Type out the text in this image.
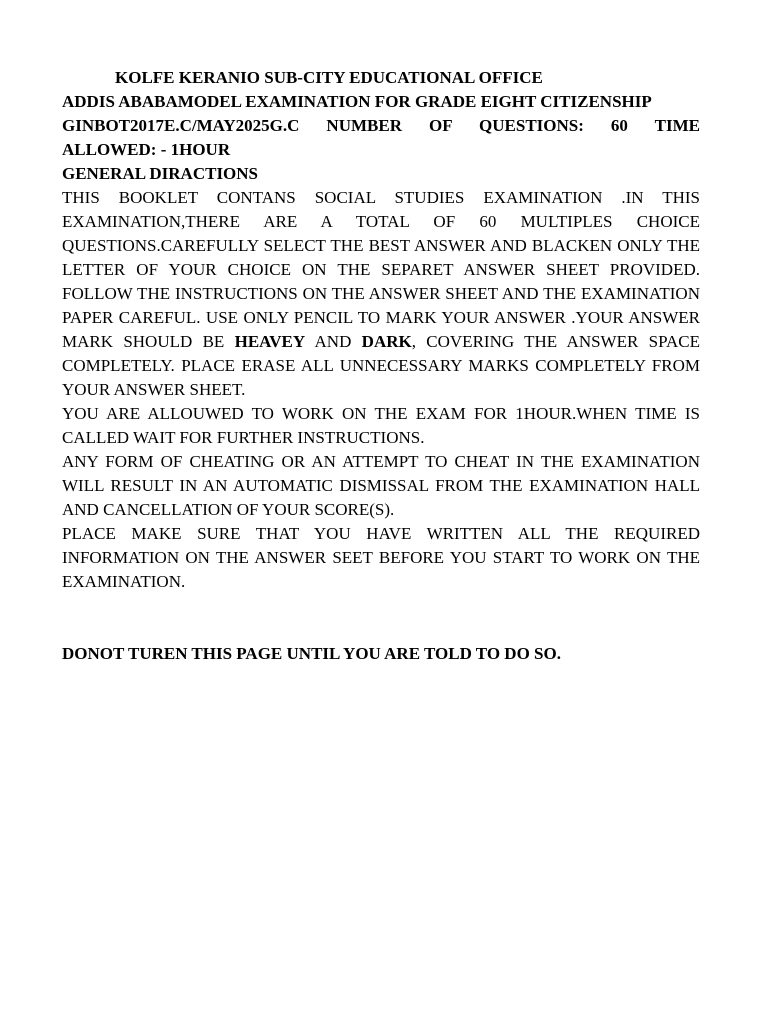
KOLFE KERANIO SUB-CITY EDUCATIONAL OFFICE
ADDIS ABABAMODEL EXAMINATION FOR GRADE EIGHT CITIZENSHIP
GINBOT2017E.C/MAY2025G.C NUMBER OF QUESTIONS: 60 TIME
ALLOWED: - 1HOUR
GENERAL DIRACTIONS

THIS BOOKLET CONTANS SOCIAL STUDIES EXAMINATION .IN THIS EXAMINATION,THERE ARE A TOTAL OF 60 MULTIPLES CHOICE QUESTIONS.CAREFULLY SELECT THE BEST ANSWER AND BLACKEN ONLY THE LETTER OF YOUR CHOICE ON THE SEPARET ANSWER SHEET PROVIDED. FOLLOW THE INSTRUCTIONS ON THE ANSWER SHEET AND THE EXAMINATION PAPER CAREFUL. USE ONLY PENCIL TO MARK YOUR ANSWER .YOUR ANSWER MARK SHOULD BE HEAVEY AND DARK, COVERING THE ANSWER SPACE COMPLETELY. PLACE ERASE ALL UNNECESSARY MARKS COMPLETELY FROM YOUR ANSWER SHEET.

YOU ARE ALLOUWED TO WORK ON THE EXAM FOR 1HOUR.WHEN TIME IS CALLED WAIT FOR FURTHER INSTRUCTIONS.

ANY FORM OF CHEATING OR AN ATTEMPT TO CHEAT IN THE EXAMINATION WILL RESULT IN AN AUTOMATIC DISMISSAL FROM THE EXAMINATION HALL AND CANCELLATION OF YOUR SCORE(S).

PLACE MAKE SURE THAT YOU HAVE WRITTEN ALL THE REQUIRED INFORMATION ON THE ANSWER SEET BEFORE YOU START TO WORK ON THE EXAMINATION.

DONOT TUREN THIS PAGE UNTIL YOU ARE TOLD TO DO SO.
